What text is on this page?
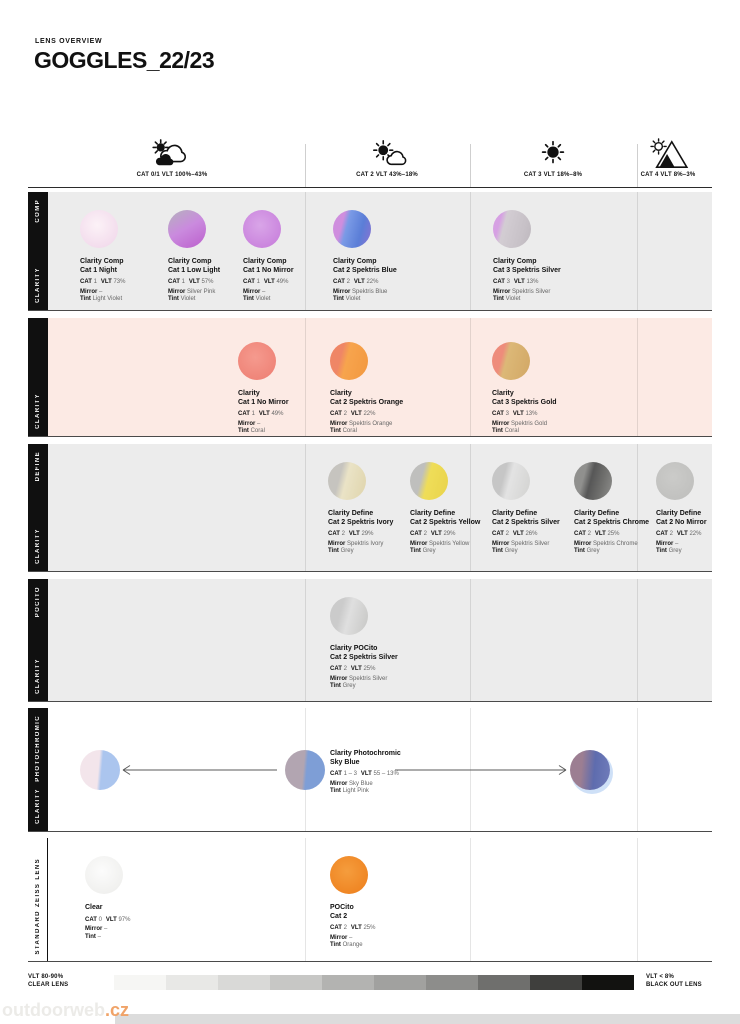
LENS OVERVIEW
GOGGLES_22/23
CAT 0/1 VLT 100%–43%	CAT 2 VLT 43%–18%	CAT 3 VLT 18%–8%	CAT 4 VLT 8%–3%
COMP
CLARITY
Clarity Comp
Cat 1 Night
CAT 1 VLT 73%
Mirror –
Tint Light Violet
Clarity Comp
Cat 1 Low Light
CAT 1 VLT 57%
Mirror Silver Pink
Tint Violet
Clarity Comp
Cat 1 No Mirror
CAT 1 VLT 49%
Mirror –
Tint Violet
Clarity Comp
Cat 2 Spektris Blue
CAT 2 VLT 22%
Mirror Spektris Blue
Tint Violet
Clarity Comp
Cat 3 Spektris Silver
CAT 3 VLT 13%
Mirror Spektris Silver
Tint Violet
CLARITY	Clarity
Cat 1 No Mirror
CAT 1 VLT 49%
Mirror –
Tint Coral
Clarity
Cat 2 Spektris Orange
CAT 2 VLT 22%
Mirror Spektris Orange
Tint Coral
Clarity
Cat 3 Spektris Gold
CAT 3 VLT 13%
Mirror Spektris Gold
Tint Coral
DEFINE
CLARITY
Clarity Define
Cat 2 Spektris Ivory
CAT 2 VLT 29%
Mirror Spektris Ivory
Tint Grey
Clarity Define
Cat 2 Spektris Yellow
CAT 2 VLT 29%
Mirror Spektris Yellow
Tint Grey
Clarity Define
Cat 2 Spektris Silver
CAT 2 VLT 26%
Mirror Spektris Silver
Tint Grey
Clarity Define
Cat 2 Spektris Chrome
CAT 2 VLT 25%
Mirror Spektris Chrome
Tint Grey
Clarity Define
Cat 2 No Mirror
CAT 2 VLT 22%
Mirror –
Tint Grey
POCITO
CLARITY
Clarity POCito
Cat 2 Spektris Silver
CAT 2 VLT 25%
Mirror Spektris Silver
Tint Grey
PHOTOCHROMIC
CLARITY
Clarity Photochromic
Sky Blue
CAT 1 – 3 VLT 55 – 13%
Mirror Sky Blue
Tint Light Pink
STANDARD ZEISS LENS	Clear
CAT 0 VLT 97%
Mirror –
Tint –
POCito
Cat 2
CAT 2 VLT 25%
Mirror –
Tint Orange
VLT 80-90%
CLEAR LENS
VLT < 8%
BLACK OUT LENS
outdoorweb.cz
